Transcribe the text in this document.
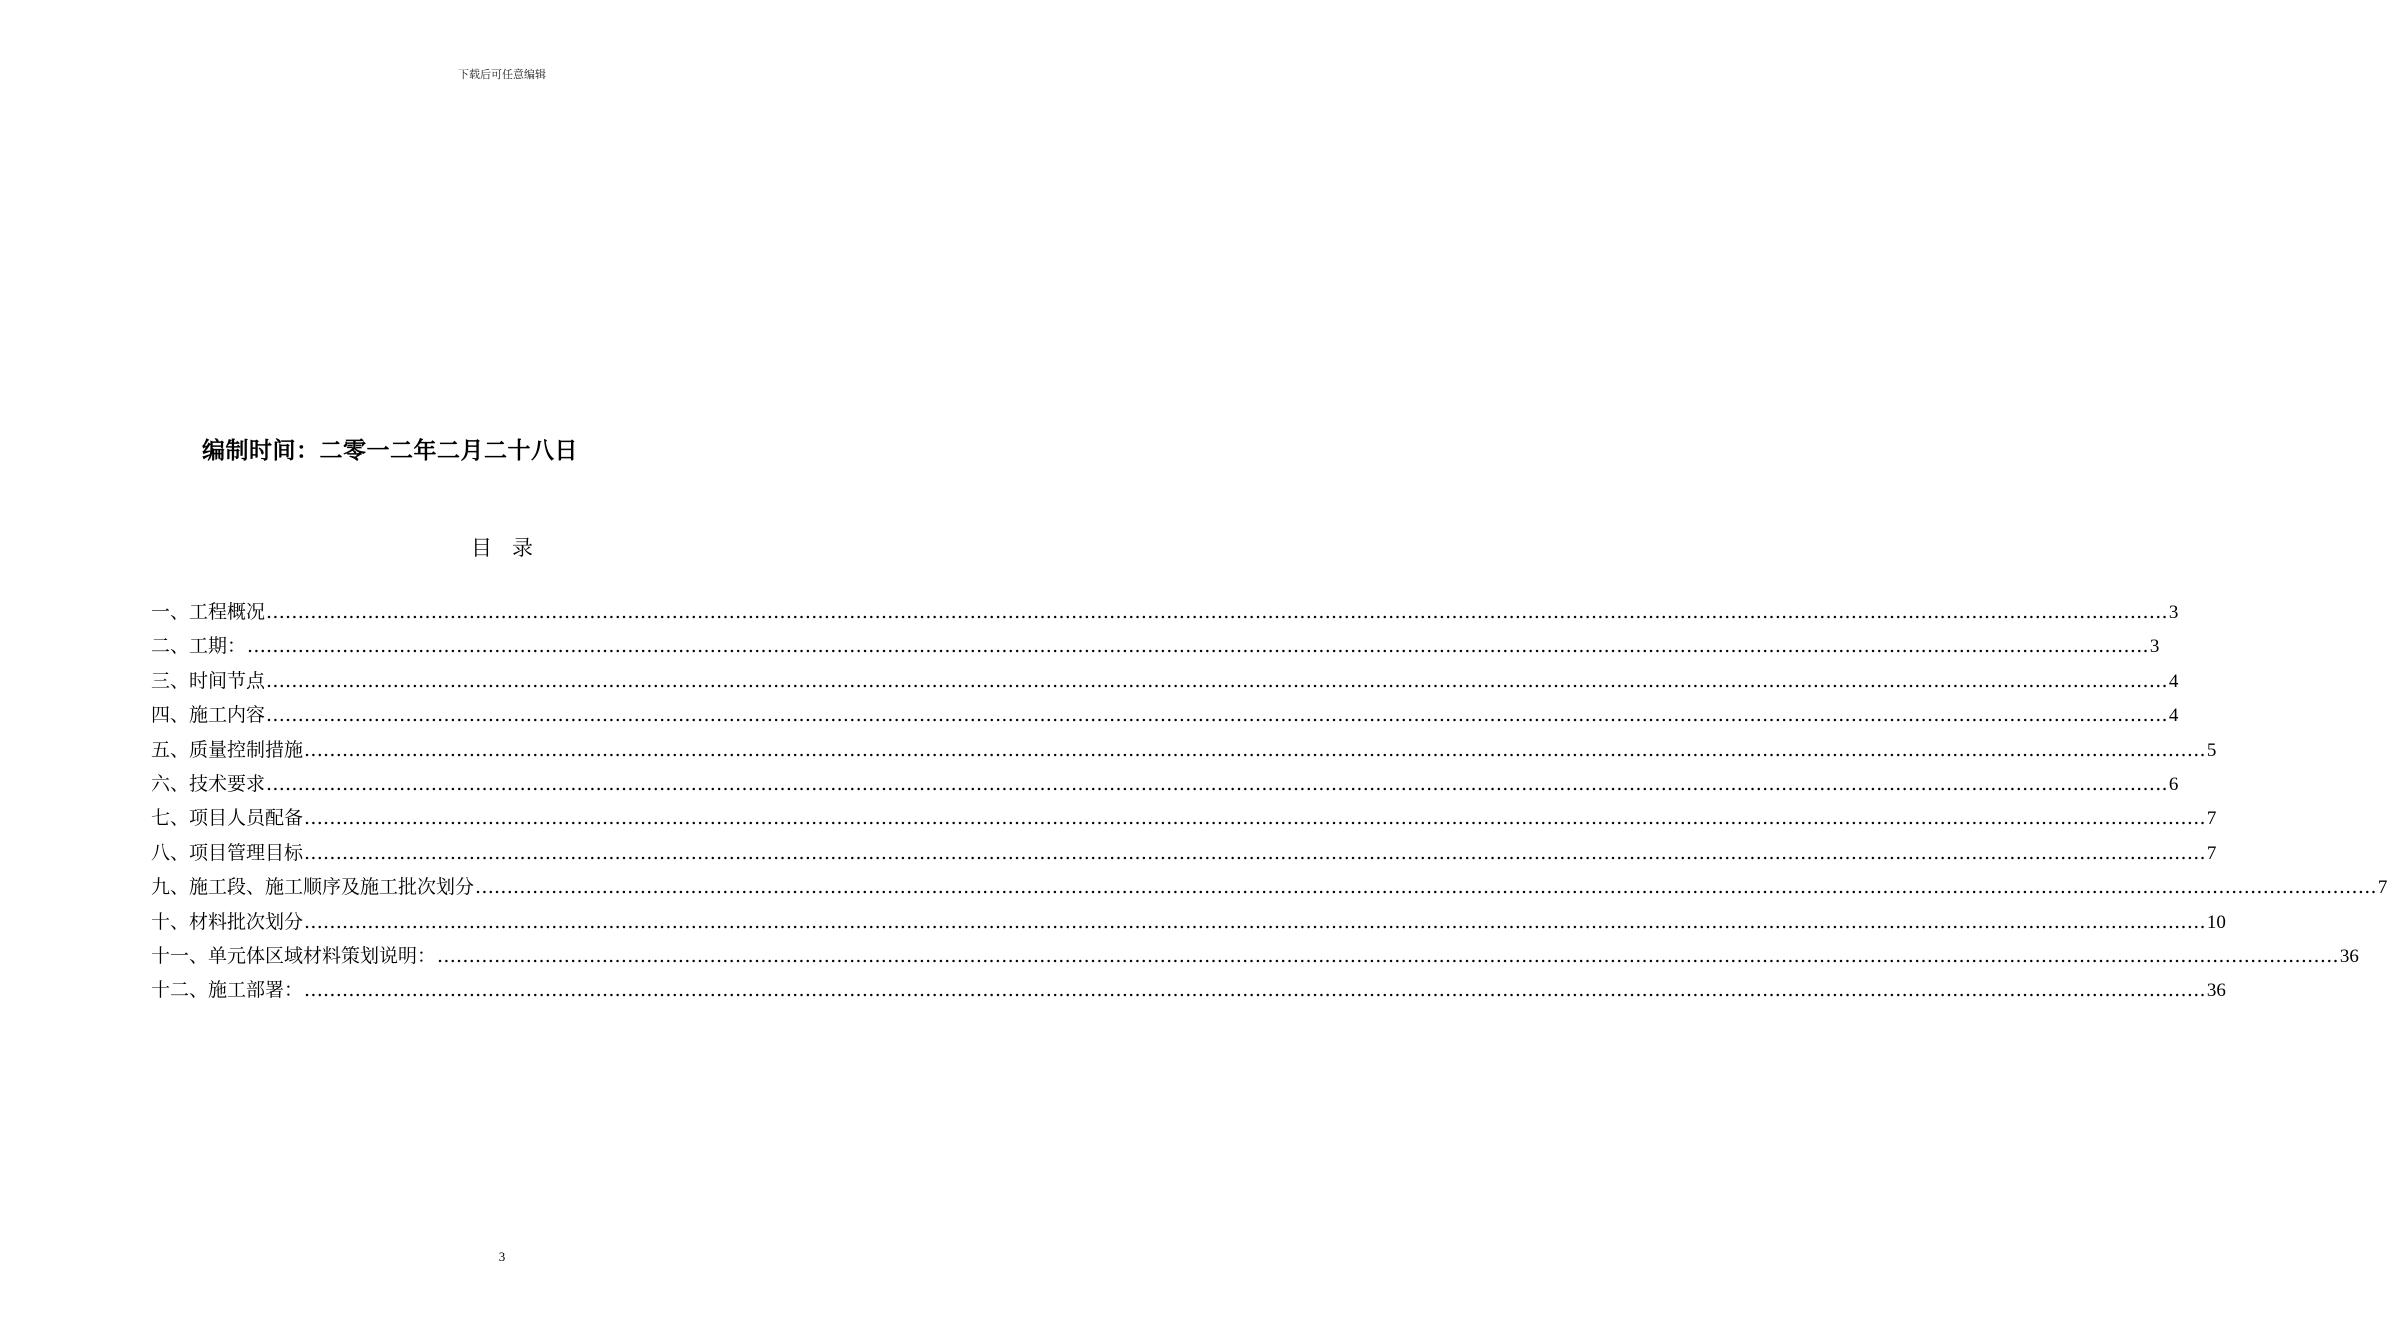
下载后可任意编辑
编制时间：二零一二年二月二十八日
目 录
一、工程概况 ............................................................................................................................................................................................................................................................................................................ 3
二、工期： ............................................................................................................................................................................................................................................................................................................ 3
三、时间节点 ............................................................................................................................................................................................................................................................................................................ 4
四、施工内容 ............................................................................................................................................................................................................................................................................................................ 4
五、质量控制措施 ............................................................................................................................................................................................................................................................................................................ 5
六、技术要求 ............................................................................................................................................................................................................................................................................................................ 6
七、项目人员配备 ............................................................................................................................................................................................................................................................................................................ 7
八、项目管理目标 ............................................................................................................................................................................................................................................................................................................ 7
九、施工段、施工顺序及施工批次划分 ............................................................................................................................................................................................................................................................................................................ 7
十、材料批次划分 ............................................................................................................................................................................................................................................................................................................ 10
十一、单元体区域材料策划说明： ............................................................................................................................................................................................................................................................................................................ 36
十二、施工部署： ............................................................................................................................................................................................................................................................................................................ 36
3
